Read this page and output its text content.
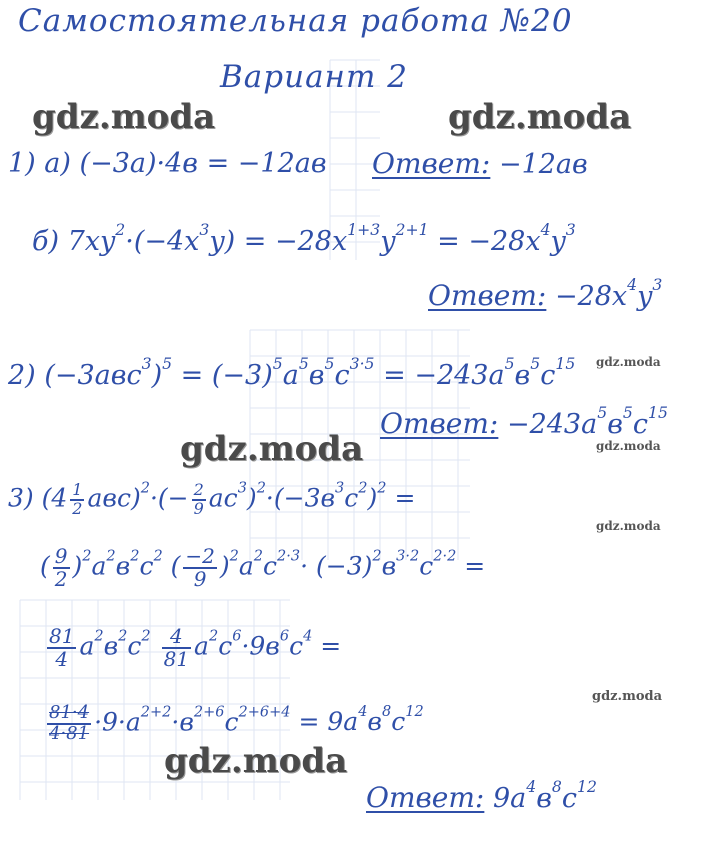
Самостоятельная работа №20
Вариант 2
1) а) (−3а)·4в = −12ав Ответ: −12ав
б) $7xy^2\cdot(-4x^3y) = -28x^{1+3}y^{2+1} = -28x^4y^3$
Ответ: $-28x^4y^3$
2) $(-3авс^3)^5 = (-3)^5а^5в^5с^{3\cdot 5} = -243а^5в^5с^{15}$
Ответ: $-243а^5в^5с^{15}$
3) $(4 \frac{1}{2} авс)^2\cdot(- \frac{2}{9} ас^3)^2\cdot(-3в^3с^2)^2$ =
( $\frac{9}{2} )^2а^2в^2с^2$ ( $\frac{-2}{9} )^2а^2с^{2\cdot 3}\cdot (-3)^2в^{3\cdot 2}с^{2\cdot 2}$ =
$\frac{81}{4} а^2в^2с^2 \frac{4}{81} а^2с^6\cdot 9в^6с^4$ =
$\frac{81\cdot 4}{4\cdot 81} \cdot 9\cdot а^{2+2}\cdot в^{2+6}с^{2+6+4} = 9а^4в^8с^{12}$
Ответ: $9а^4в^8с^{12}$
gdz.moda	gdz.moda
gdz.moda
gdz.moda
gdz.moda
gdz.moda
gdz.moda
gdz.moda
